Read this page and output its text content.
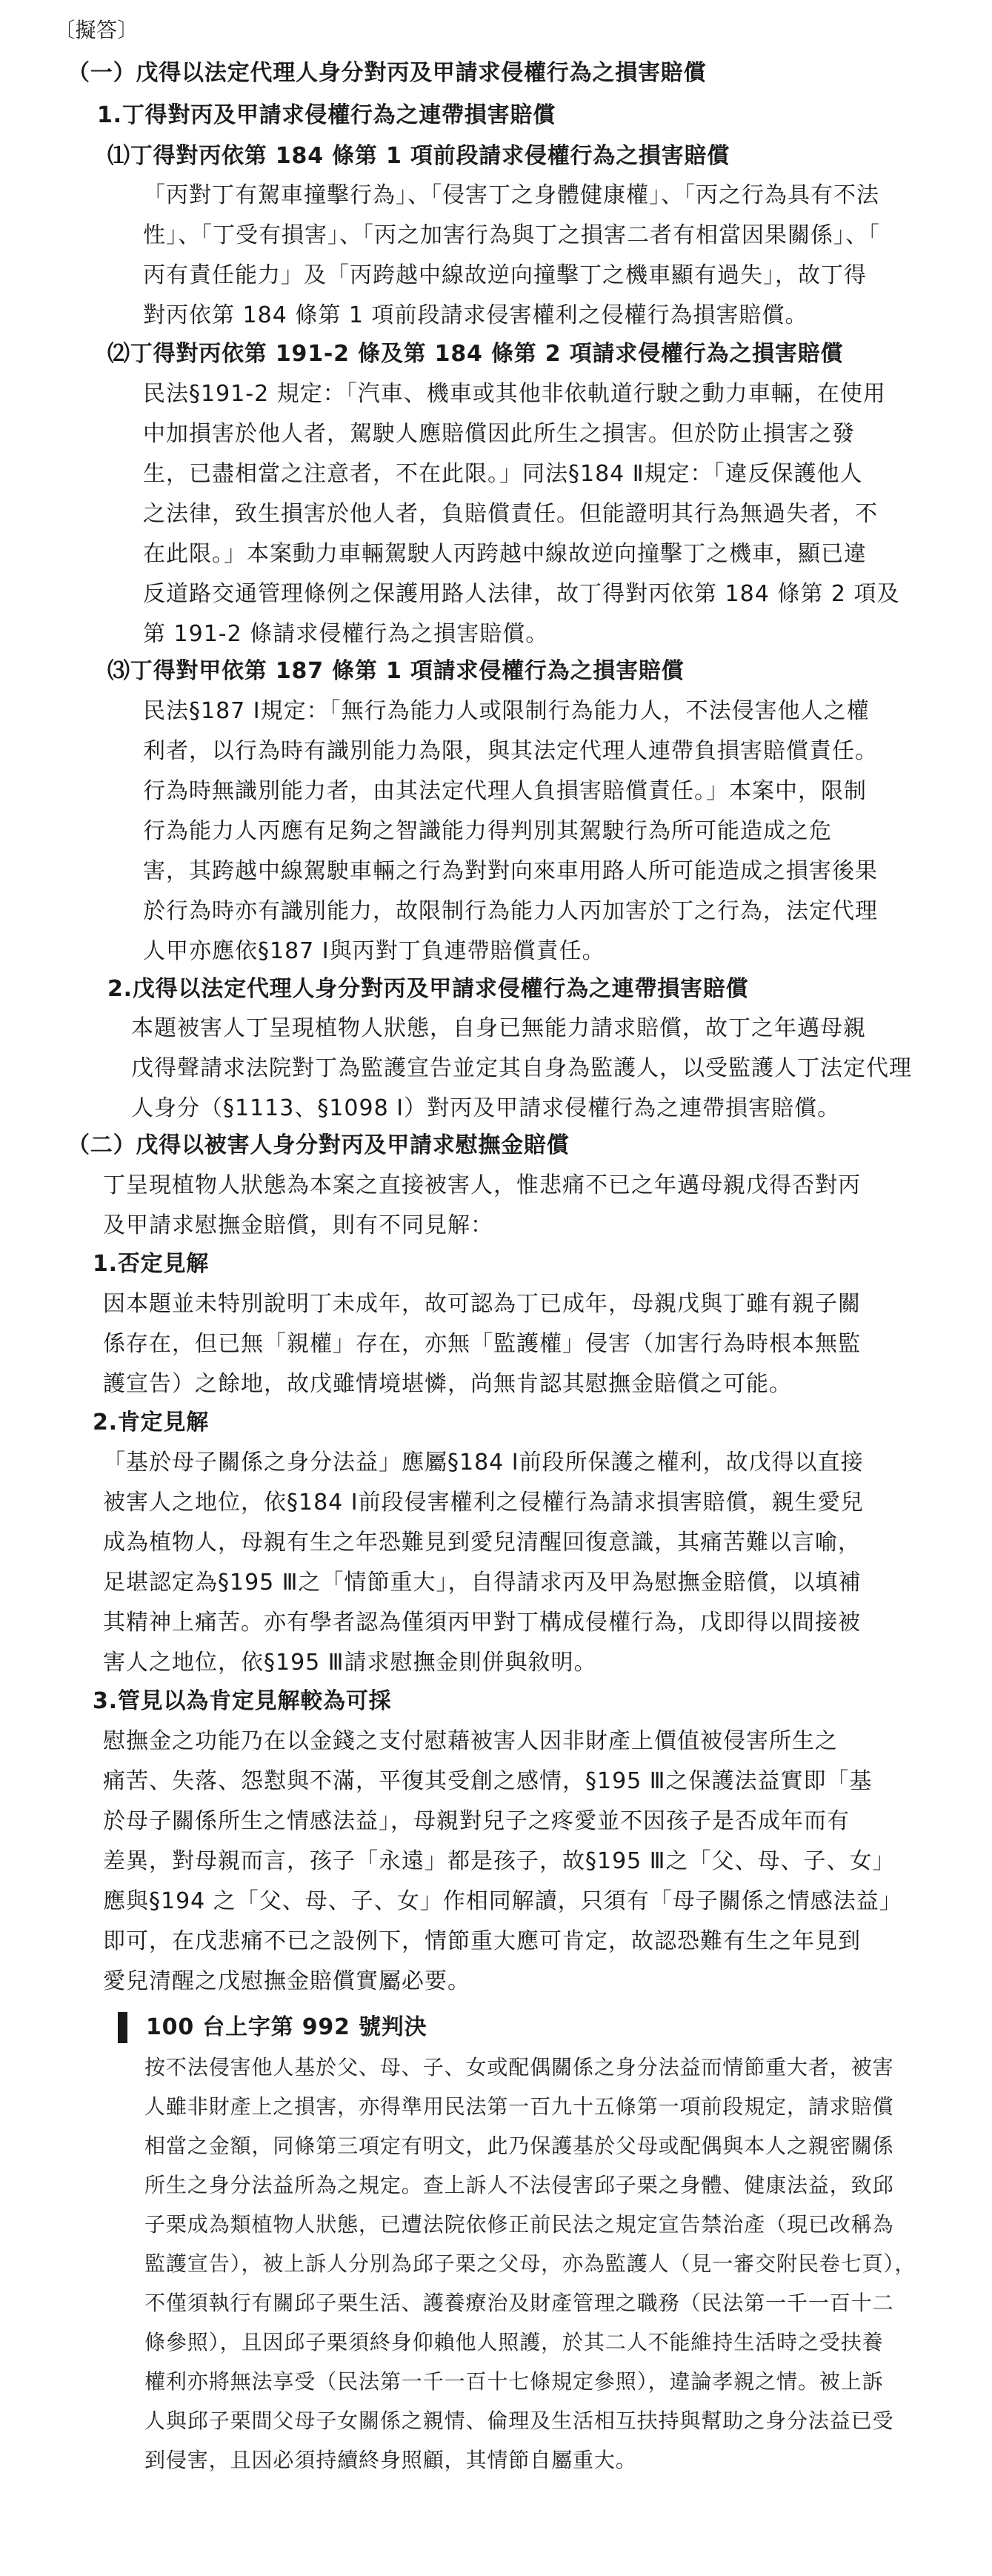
〔擬答〕

（一）戊得以法定代理人身分對丙及甲請求侵權行為之損害賠償

1.丁得對丙及甲請求侵權行為之連帶損害賠償

⑴丁得對丙依第 184 條第 1 項前段請求侵權行為之損害賠償

「丙對丁有駕車撞擊行為」、「侵害丁之身體健康權」、「丙之行為具有不法

性」、「丁受有損害」、「丙之加害行為與丁之損害二者有相當因果關係」、「

丙有責任能力」及「丙跨越中線故逆向撞擊丁之機車顯有過失」，故丁得

對丙依第 184 條第 1 項前段請求侵害權利之侵權行為損害賠償。

⑵丁得對丙依第 191-2 條及第 184 條第 2 項請求侵權行為之損害賠償

民法§191-2 規定：「汽車、機車或其他非依軌道行駛之動力車輛，在使用

中加損害於他人者，駕駛人應賠償因此所生之損害。但於防止損害之發

生，已盡相當之注意者，不在此限。」同法§184 Ⅱ規定：「違反保護他人

之法律，致生損害於他人者，負賠償責任。但能證明其行為無過失者，不

在此限。」本案動力車輛駕駛人丙跨越中線故逆向撞擊丁之機車，顯已違

反道路交通管理條例之保護用路人法律，故丁得對丙依第 184 條第 2 項及

第 191-2 條請求侵權行為之損害賠償。

⑶丁得對甲依第 187 條第 1 項請求侵權行為之損害賠償

民法§187 Ⅰ規定：「無行為能力人或限制行為能力人，不法侵害他人之權

利者，以行為時有識別能力為限，與其法定代理人連帶負損害賠償責任。

行為時無識別能力者，由其法定代理人負損害賠償責任。」本案中，限制

行為能力人丙應有足夠之智識能力得判別其駕駛行為所可能造成之危

害，其跨越中線駕駛車輛之行為對對向來車用路人所可能造成之損害後果

於行為時亦有識別能力，故限制行為能力人丙加害於丁之行為，法定代理

人甲亦應依§187 Ⅰ與丙對丁負連帶賠償責任。

2.戊得以法定代理人身分對丙及甲請求侵權行為之連帶損害賠償

本題被害人丁呈現植物人狀態，自身已無能力請求賠償，故丁之年邁母親

戊得聲請求法院對丁為監護宣告並定其自身為監護人，以受監護人丁法定代理

人身分（§1113、§1098 Ⅰ）對丙及甲請求侵權行為之連帶損害賠償。

（二）戊得以被害人身分對丙及甲請求慰撫金賠償

丁呈現植物人狀態為本案之直接被害人，惟悲痛不已之年邁母親戊得否對丙

及甲請求慰撫金賠償，則有不同見解：

1.否定見解

因本題並未特別說明丁未成年，故可認為丁已成年，母親戊與丁雖有親子關

係存在，但已無「親權」存在，亦無「監護權」侵害（加害行為時根本無監

護宣告）之餘地，故戊雖情境堪憐，尚無肯認其慰撫金賠償之可能。

2.肯定見解

「基於母子關係之身分法益」應屬§184 Ⅰ前段所保護之權利，故戊得以直接

被害人之地位，依§184 Ⅰ前段侵害權利之侵權行為請求損害賠償，親生愛兒

成為植物人，母親有生之年恐難見到愛兒清醒回復意識，其痛苦難以言喻，

足堪認定為§195 Ⅲ之「情節重大」，自得請求丙及甲為慰撫金賠償，以填補

其精神上痛苦。亦有學者認為僅須丙甲對丁構成侵權行為，戊即得以間接被

害人之地位，依§195 Ⅲ請求慰撫金則併與敘明。

3.管見以為肯定見解較為可採

慰撫金之功能乃在以金錢之支付慰藉被害人因非財產上價值被侵害所生之

痛苦、失落、怨懟與不滿，平復其受創之感情，§195 Ⅲ之保護法益實即「基

於母子關係所生之情感法益」，母親對兒子之疼愛並不因孩子是否成年而有

差異，對母親而言，孩子「永遠」都是孩子，故§195 Ⅲ之「父、母、子、女」

應與§194 之「父、母、子、女」作相同解讀，只須有「母子關係之情感法益」

即可，在戊悲痛不已之設例下，情節重大應可肯定，故認恐難有生之年見到

愛兒清醒之戊慰撫金賠償實屬必要。

100 台上字第 992 號判決

按不法侵害他人基於父、母、子、女或配偶關係之身分法益而情節重大者，被害

人雖非財產上之損害，亦得準用民法第一百九十五條第一項前段規定，請求賠償

相當之金額，同條第三項定有明文，此乃保護基於父母或配偶與本人之親密關係

所生之身分法益所為之規定。查上訴人不法侵害邱子栗之身體、健康法益，致邱

子栗成為類植物人狀態，已遭法院依修正前民法之規定宣告禁治產（現已改稱為

監護宣告），被上訴人分別為邱子栗之父母，亦為監護人（見一審交附民卷七頁），

不僅須執行有關邱子栗生活、護養療治及財產管理之職務（民法第一千一百十二

條參照），且因邱子栗須終身仰賴他人照護，於其二人不能維持生活時之受扶養

權利亦將無法享受（民法第一千一百十七條規定參照），違論孝親之情。被上訴

人與邱子栗間父母子女關係之親情、倫理及生活相互扶持與幫助之身分法益已受

到侵害，且因必須持續終身照顧，其情節自屬重大。
